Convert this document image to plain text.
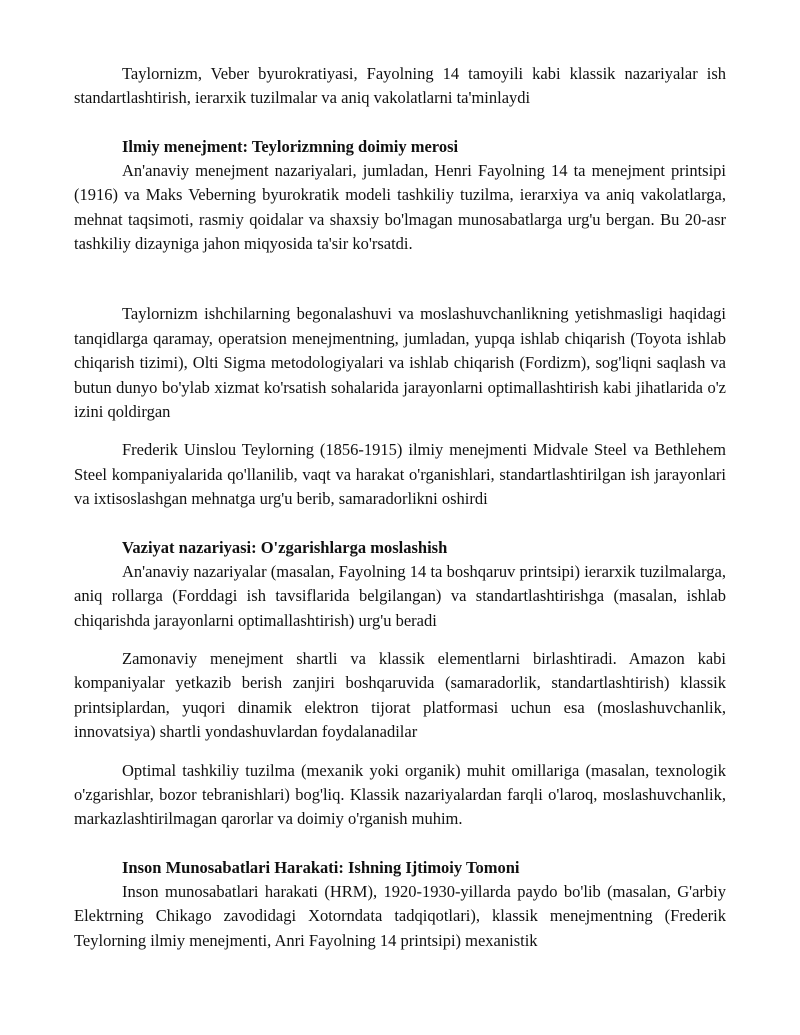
Taylornizm, Veber byurokratiyasi, Fayolning 14 tamoyili kabi klassik nazariyalar ish standartlashtirish, ierarxik tuzilmalar va aniq vakolatlarni ta'minlaydi

Ilmiy menejment: Teylorizmning doimiy merosi

An'anaviy menejment nazariyalari, jumladan, Henri Fayolning 14 ta menejment printsipi (1916) va Maks Veberning byurokratik modeli tashkiliy tuzilma, ierarxiya va aniq vakolatlarga, mehnat taqsimoti, rasmiy qoidalar va shaxsiy bo'lmagan munosabatlarga urg'u bergan. Bu 20-asr tashkiliy dizayniga jahon miqyosida ta'sir ko'rsatdi.

Taylornizm ishchilarning begonalashuvi va moslashuvchanlikning yetishmasligi haqidagi tanqidlarga qaramay, operatsion menejmentning, jumladan, yupqa ishlab chiqarish (Toyota ishlab chiqarish tizimi), Olti Sigma metodologiyalari va ishlab chiqarish (Fordizm), sog'liqni saqlash va butun dunyo bo'ylab xizmat ko'rsatish sohalarida jarayonlarni optimallashtirish kabi jihatlarida o'z izini qoldirgan

Frederik Uinslou Teylorning (1856-1915) ilmiy menejmenti Midvale Steel va Bethlehem Steel kompaniyalarida qo'llanilib, vaqt va harakat o'rganishlari, standartlashtirilgan ish jarayonlari va ixtisoslashgan mehnatga urg'u berib, samaradorlikni oshirdi

Vaziyat nazariyasi: O'zgarishlarga moslashish

An'anaviy nazariyalar (masalan, Fayolning 14 ta boshqaruv printsipi) ierarxik tuzilmalarga, aniq rollarga (Forddagi ish tavsiflarida belgilangan) va standartlashtirishga (masalan, ishlab chiqarishda jarayonlarni optimallashtirish) urg'u beradi

Zamonaviy menejment shartli va klassik elementlarni birlashtiradi. Amazon kabi kompaniyalar yetkazib berish zanjiri boshqaruvida (samaradorlik, standartlashtirish) klassik printsiplardan, yuqori dinamik elektron tijorat platformasi uchun esa (moslashuvchanlik, innovatsiya) shartli yondashuvlardan foydalanadilar

Optimal tashkiliy tuzilma (mexanik yoki organik) muhit omillariga (masalan, texnologik o'zgarishlar, bozor tebranishlari) bog'liq. Klassik nazariyalardan farqli o'laroq, moslashuvchanlik, markazlashtirilmagan qarorlar va doimiy o'rganish muhim.

Inson Munosabatlari Harakati: Ishning Ijtimoiy Tomoni

Inson munosabatlari harakati (HRM), 1920-1930-yillarda paydo bo'lib (masalan, G'arbiy Elektrning Chikago zavodidagi Xotorndata tadqiqotlari), klassik menejmentning (Frederik Teylorning ilmiy menejmenti, Anri Fayolning 14 printsipi) mexanistik
